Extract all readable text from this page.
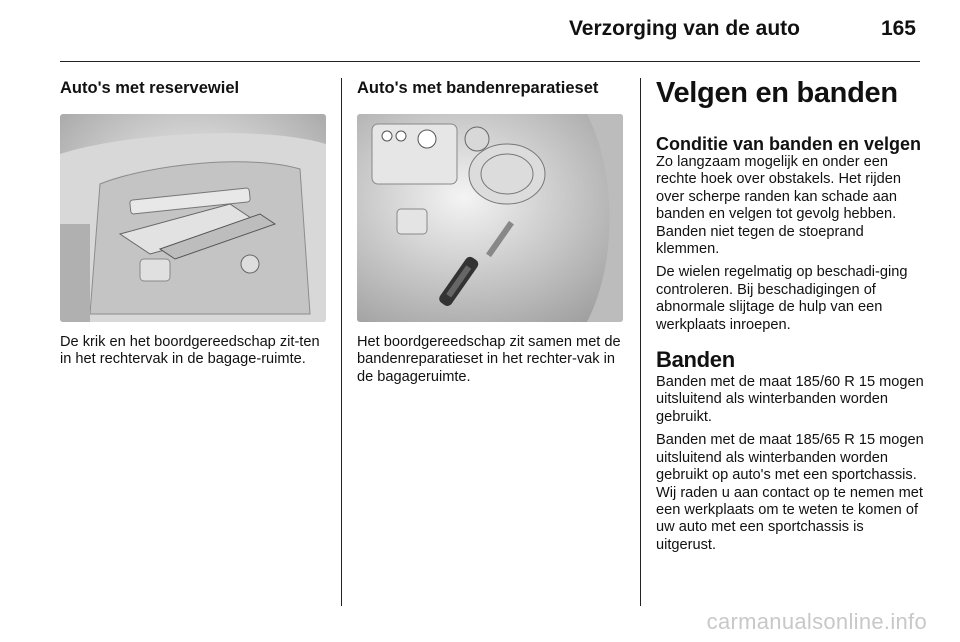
Verzorging van de auto	165
Auto's met reservewiel

De krik en het boordgereedschap zit-ten in het rechtervak in de bagage-ruimte.

Auto's met bandenreparatieset

Het boordgereedschap zit samen met de bandenreparatieset in het rechter-vak in de bagageruimte.

Velgen en banden
Conditie van banden en velgen

Zo langzaam mogelijk en onder een rechte hoek over obstakels. Het rijden over scherpe randen kan schade aan banden en velgen tot gevolg hebben. Banden niet tegen de stoeprand klemmen.

De wielen regelmatig op beschadi-ging controleren. Bij beschadigingen of abnormale slijtage de hulp van een werkplaats inroepen.

Banden

Banden met de maat 185/60 R 15 mogen uitsluitend als winterbanden worden gebruikt.

Banden met de maat 185/65 R 15 mogen uitsluitend als winterbanden worden gebruikt op auto's met een sportchassis. Wij raden u aan contact op te nemen met een werkplaats om te weten te komen of uw auto met een sportchassis is uitgerust.

carmanualsonline.info
